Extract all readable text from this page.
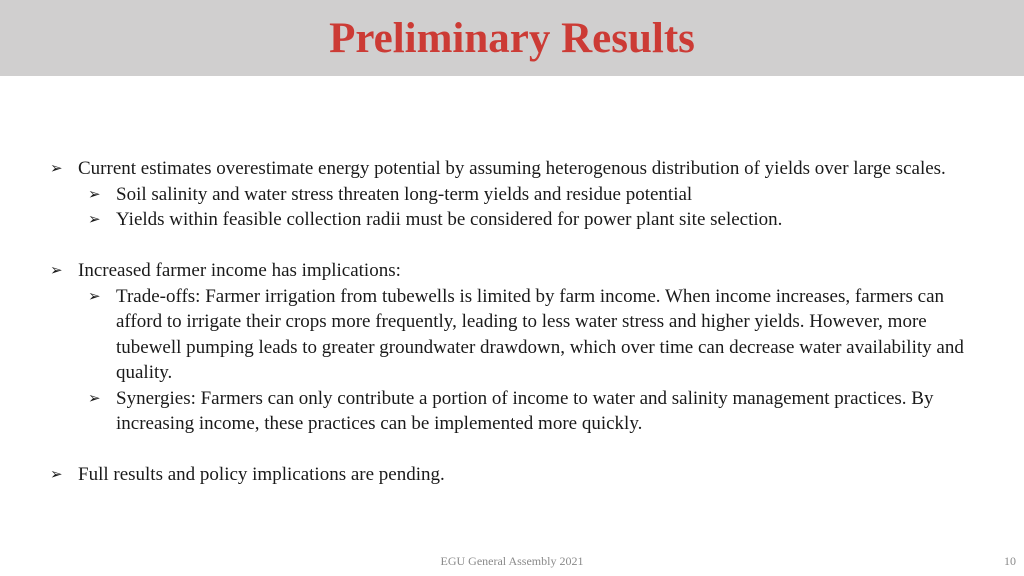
Preliminary Results
➢ Current estimates overestimate energy potential by assuming heterogenous distribution of yields over large scales.
➢ Soil salinity and water stress threaten long-term yields and residue potential
➢ Yields within feasible collection radii must be considered for power plant site selection.
➢ Increased farmer income has implications:
➢ Trade-offs: Farmer irrigation from tubewells is limited by farm income. When income increases, farmers can afford to irrigate their crops more frequently, leading to less water stress and higher yields. However, more tubewell pumping leads to greater groundwater drawdown, which over time can decrease water availability and quality.
➢ Synergies: Farmers can only contribute a portion of income to water and salinity management practices. By increasing income, these practices can be implemented more quickly.
➢ Full results and policy implications are pending.
EGU General Assembly 2021	10
